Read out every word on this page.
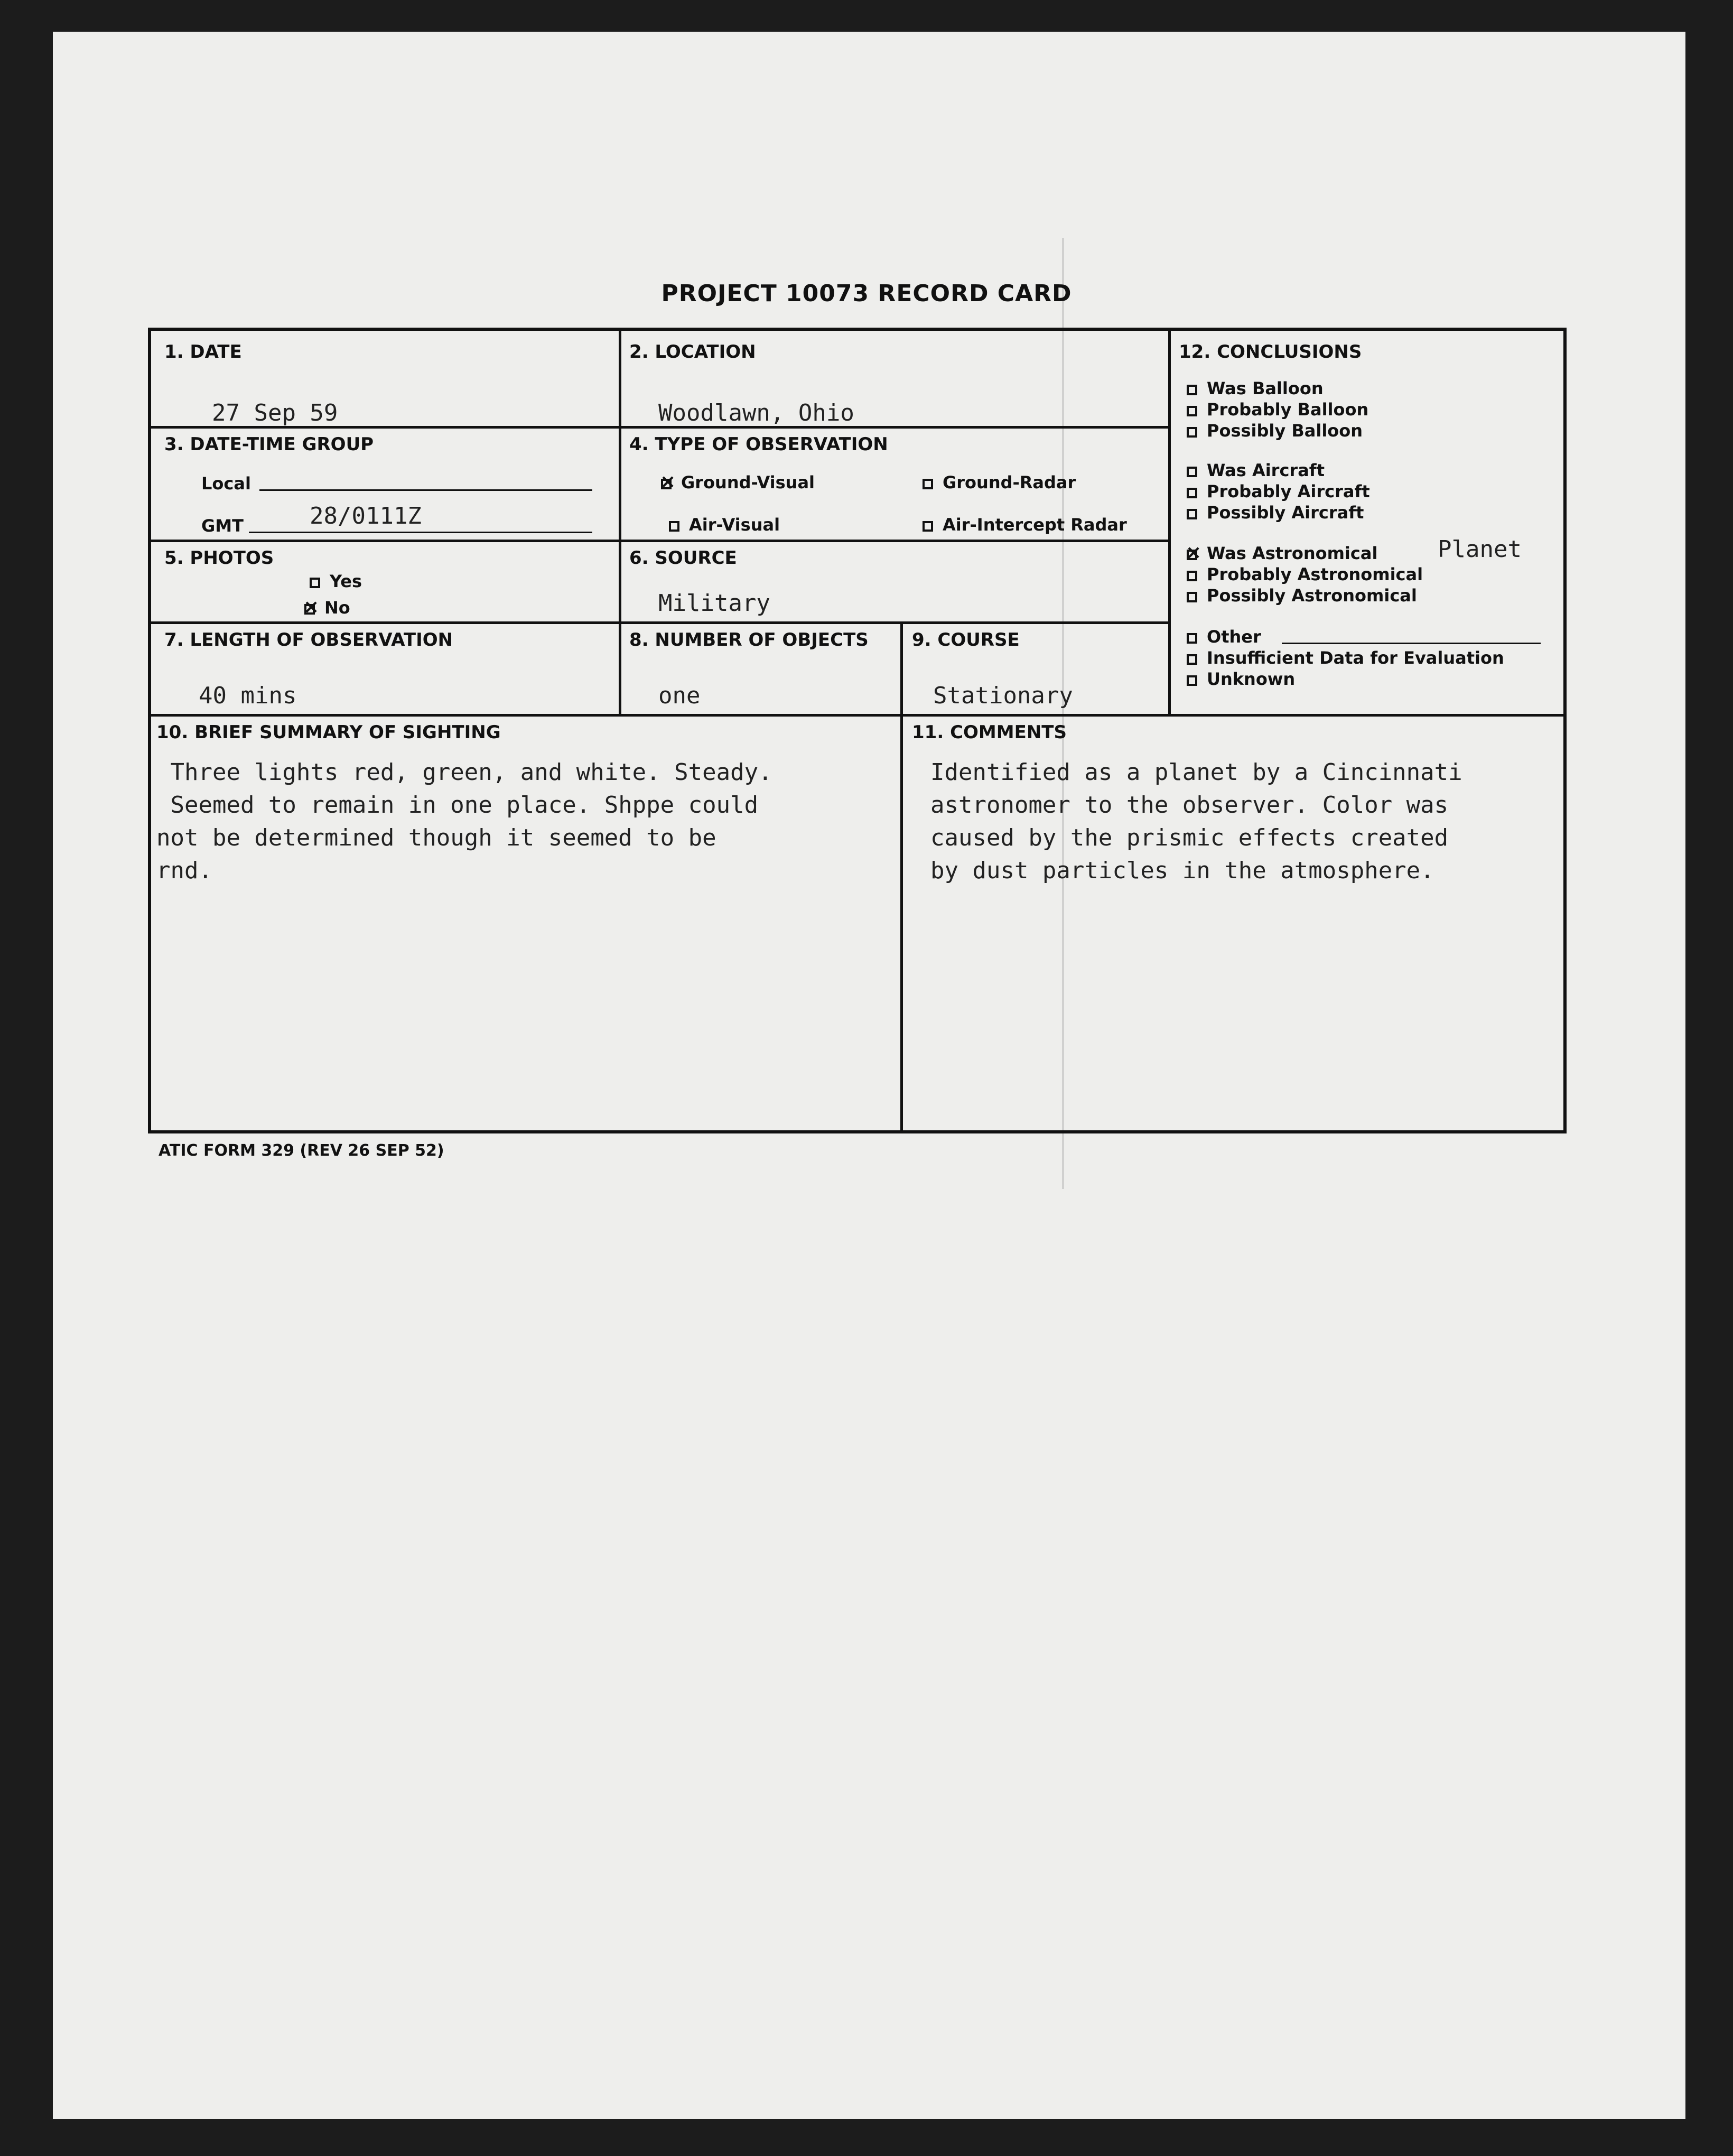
PROJECT 10073 RECORD CARD
1. DATE
27 Sep 59
2. LOCATION
Woodlawn, Ohio
3. DATE-TIME GROUP
Local
GMT	28/0111Z
4. TYPE OF OBSERVATION
×Ground-Visual	Ground-Radar
Air-Visual	Air-Intercept Radar
5. PHOTOS
Yes
×No
6. SOURCE
Military
7. LENGTH OF OBSERVATION
40 mins
8. NUMBER OF OBJECTS
one
9. COURSE
Stationary
12. CONCLUSIONS
Was Balloon
Probably Balloon
Possibly Balloon
Was Aircraft
Probably Aircraft
Possibly Aircraft
×Was Astronomical	Planet
Probably Astronomical
Possibly Astronomical
Other
Insufficient Data for Evaluation
Unknown
10. BRIEF SUMMARY OF SIGHTING
Three lights red, green, and white. Steady.
Seemed to remain in one place. Shppe could
not be determined though it seemed to be
rnd.
11. COMMENTS
Identified as a planet by a Cincinnati
astronomer to the observer. Color was
caused by the prismic effects created
by dust particles in the atmosphere.
ATIC FORM 329 (REV 26 SEP 52)
